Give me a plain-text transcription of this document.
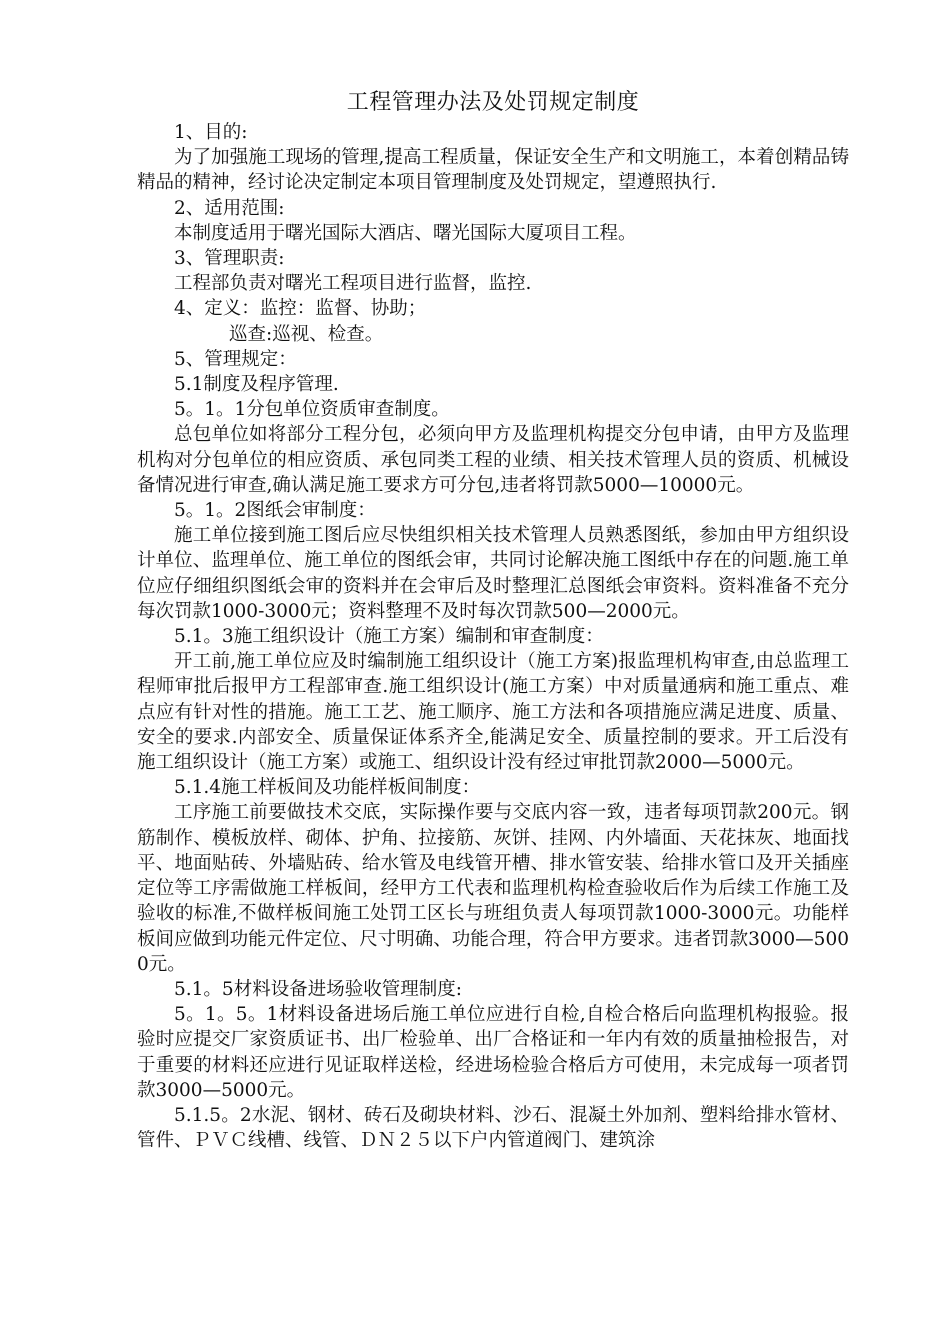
工程管理办法及处罚规定制度

1、目的:

为了加强施工现场的管理,提高工程质量，保证安全生产和文明施工，本着创精品铸精品的精神，经讨论决定制定本项目管理制度及处罚规定，望遵照执行.

2、适用范围:

本制度适用于曙光国际大酒店、曙光国际大厦项目工程。

3、管理职责:

工程部负责对曙光工程项目进行监督，监控.

4、定义：监控：监督、协助；

巡查:巡视、检查。

5、管理规定：

5.1制度及程序管理.

5。1。1分包单位资质审查制度。

总包单位如将部分工程分包，必须向甲方及监理机构提交分包申请，由甲方及监理机构对分包单位的相应资质、承包同类工程的业绩、相关技术管理人员的资质、机械设备情况进行审查,确认满足施工要求方可分包,违者将罚款5000—10000元。

5。1。2图纸会审制度：

施工单位接到施工图后应尽快组织相关技术管理人员熟悉图纸，参加由甲方组织设计单位、监理单位、施工单位的图纸会审，共同讨论解决施工图纸中存在的问题.施工单位应仔细组织图纸会审的资料并在会审后及时整理汇总图纸会审资料。资料准备不充分每次罚款1000-3000元；资料整理不及时每次罚款500—2000元。

5.1。3施工组织设计（施工方案）编制和审查制度：

开工前,施工单位应及时编制施工组织设计（施工方案)报监理机构审查,由总监理工程师审批后报甲方工程部审查.施工组织设计(施工方案）中对质量通病和施工重点、难点应有针对性的措施。施工工艺、施工顺序、施工方法和各项措施应满足进度、质量、安全的要求.内部安全、质量保证体系齐全,能满足安全、质量控制的要求。开工后没有施工组织设计（施工方案）或施工、组织设计没有经过审批罚款2000—5000元。

5.1.4施工样板间及功能样板间制度：

工序施工前要做技术交底，实际操作要与交底内容一致，违者每项罚款200元。钢筋制作、模板放样、砌体、护角、拉接筋、灰饼、挂网、内外墙面、天花抹灰、地面找平、地面贴砖、外墙贴砖、给水管及电线管开槽、排水管安装、给排水管口及开关插座定位等工序需做施工样板间，经甲方工代表和监理机构检查验收后作为后续工作施工及验收的标准,不做样板间施工处罚工区长与班组负责人每项罚款1000-3000元。功能样板间应做到功能元件定位、尺寸明确、功能合理，符合甲方要求。违者罚款3000—5000元。

5.1。5材料设备进场验收管理制度:

5。1。5。1材料设备进场后施工单位应进行自检,自检合格后向监理机构报验。报验时应提交厂家资质证书、出厂检验单、出厂合格证和一年内有效的质量抽检报告，对于重要的材料还应进行见证取样送检，经进场检验合格后方可使用，未完成每一项者罚款3000—5000元。

5.1.5。2水泥、钢材、砖石及砌块材料、沙石、混凝土外加剂、塑料给排水管材、管件、ＰＶＣ线槽、线管、ＤＮ２５以下户内管道阀门、建筑涂
